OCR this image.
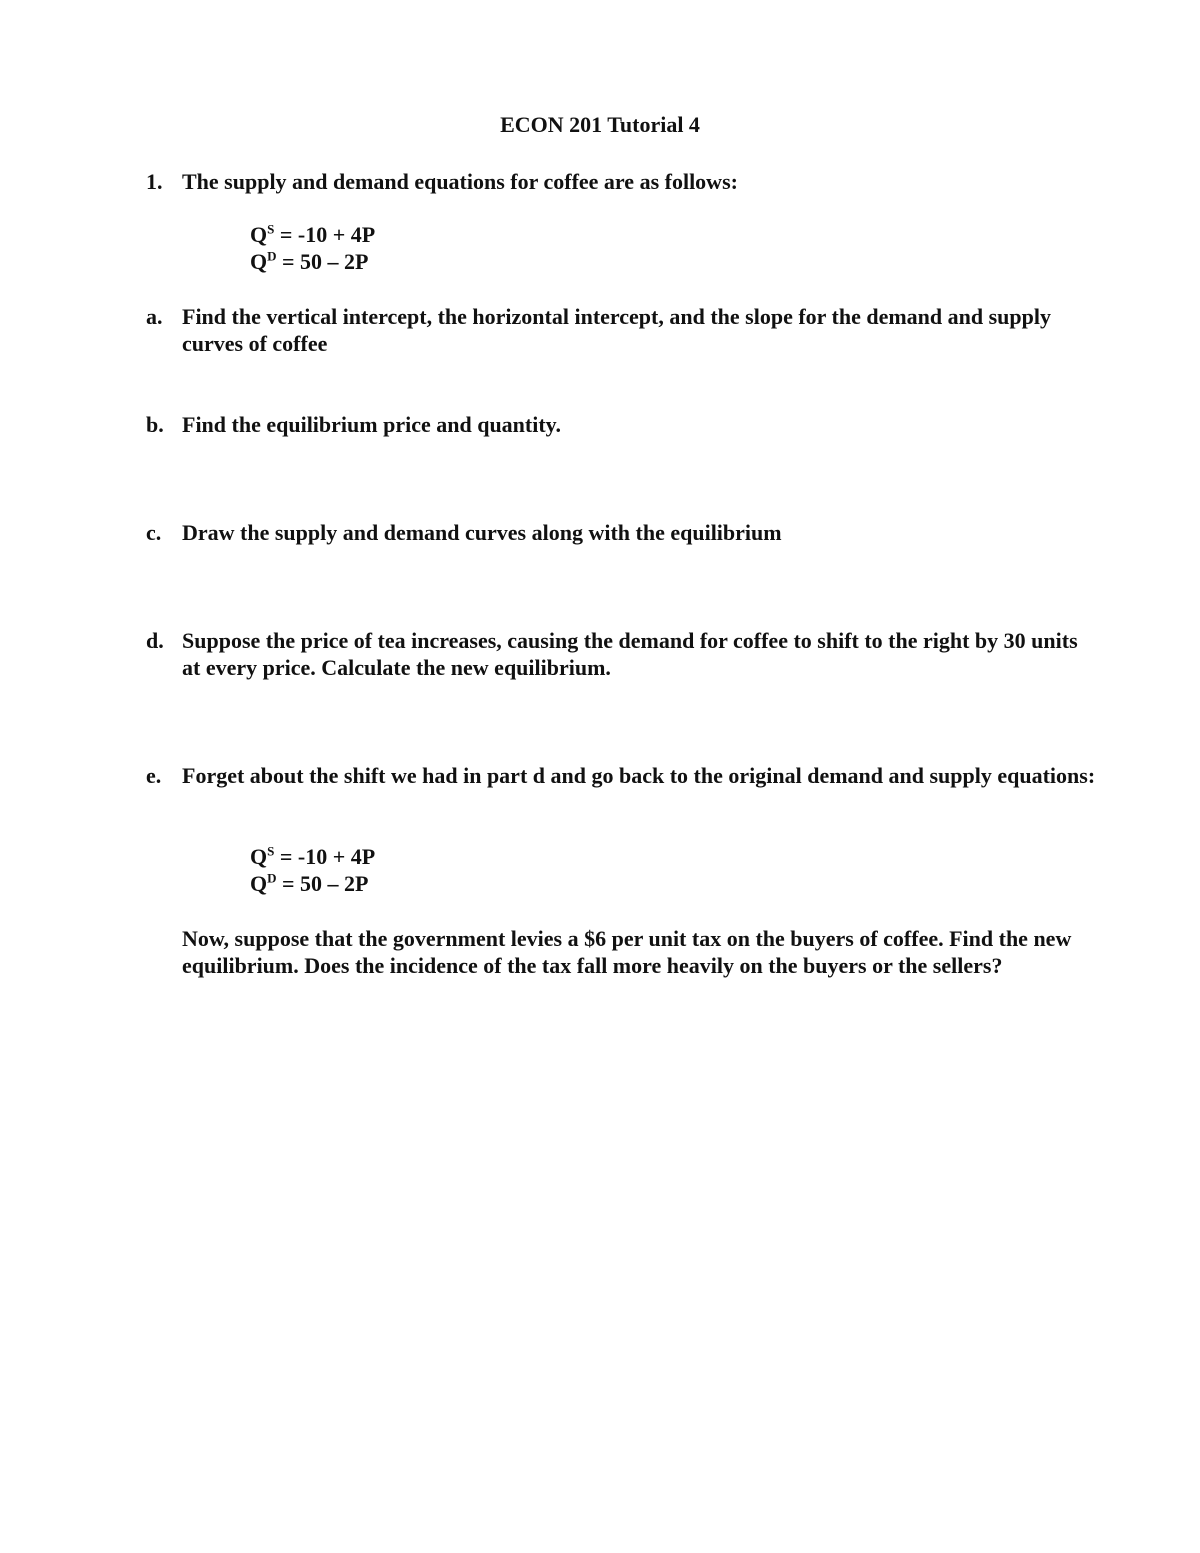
ECON 201 Tutorial 4
1. The supply and demand equations for coffee are as follows:
$Q^S = -10 + 4P$
$Q^D = 50 - 2P$
a. Find the vertical intercept, the horizontal intercept, and the slope for the demand and supply curves of coffee
b. Find the equilibrium price and quantity.
c. Draw the supply and demand curves along with the equilibrium
d. Suppose the price of tea increases, causing the demand for coffee to shift to the right by 30 units at every price. Calculate the new equilibrium.
e. Forget about the shift we had in part d and go back to the original demand and supply equations:
$Q^S = -10 + 4P$
$Q^D = 50 - 2P$
Now, suppose that the government levies a $6 per unit tax on the buyers of coffee. Find the new equilibrium. Does the incidence of the tax fall more heavily on the buyers or the sellers?
